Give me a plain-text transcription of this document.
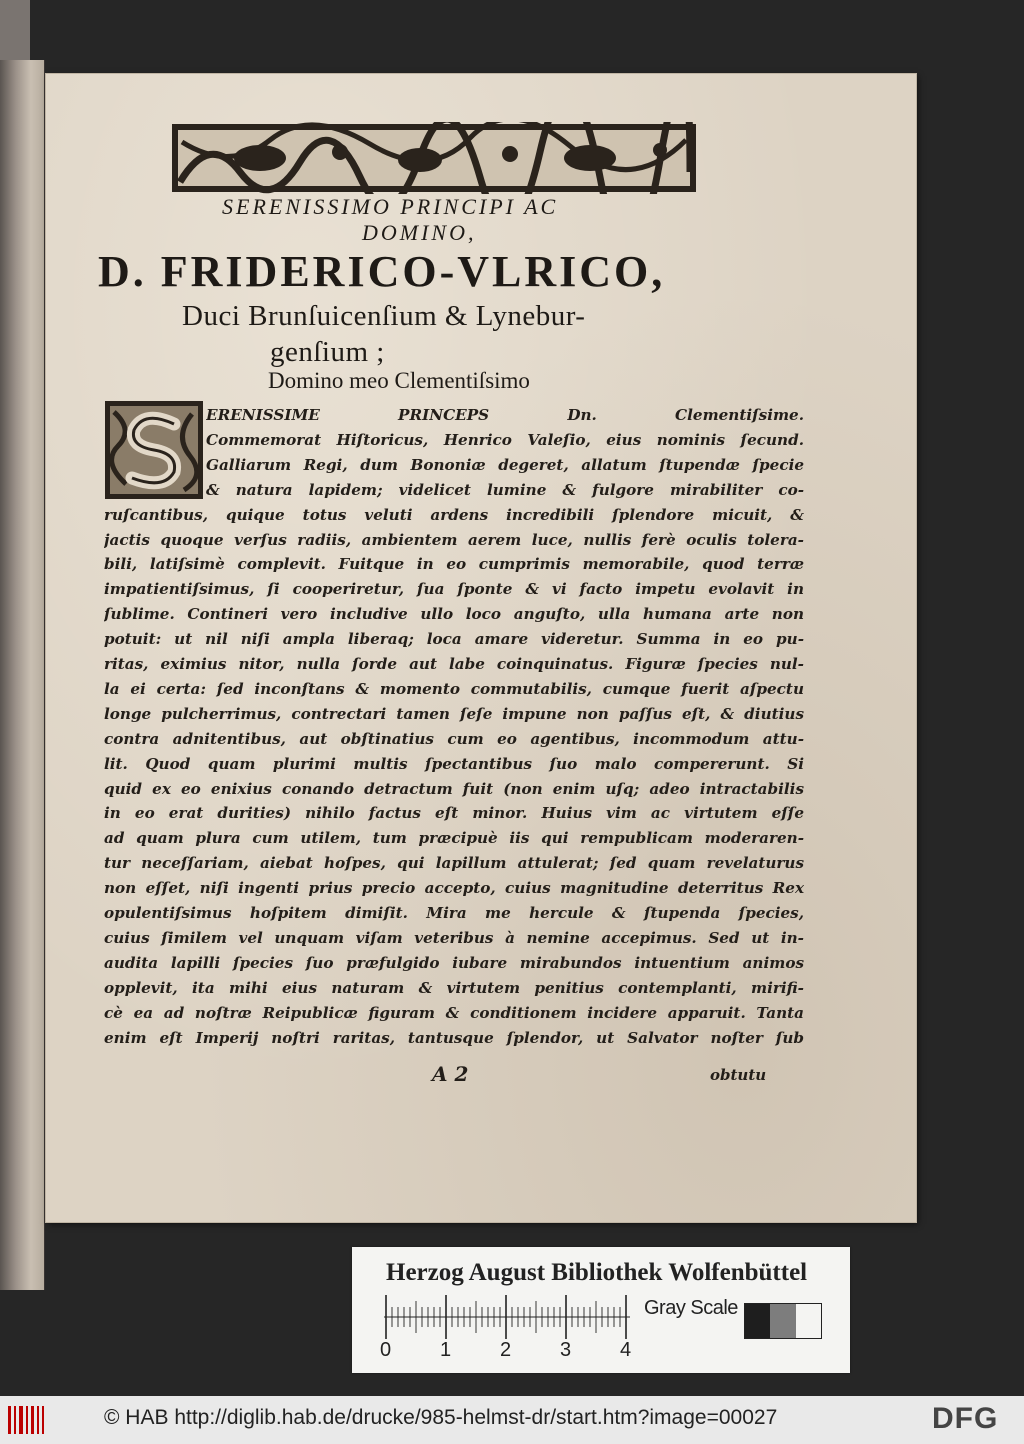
SERENISSIMO PRINCIPI AC
DOMINO,
D. FRIDERICO-VLRICO,
Duci Brunſuicenſium & Lynebur-
genſium ;
Domino meo Clementiſsimo
ERENISSIME PRINCEPS Dn. Clementiſsime.
Commemorat Hiſtoricus, Henrico Valeſio, eius nominis ſecund.
Galliarum Regi, dum Bononiæ degeret, allatum ſtupendæ ſpecie
& natura lapidem; videlicet lumine & fulgore mirabiliter co-
ruſcantibus, quique totus veluti ardens incredibili ſplendore micuit, &
jactis quoque verſus radiis, ambientem aerem luce, nullis ferè oculis tolera-
bili, latiſsimè complevit. Fuitque in eo cumprimis memorabile, quod terræ
impatientiſsimus, ſi cooperiretur, ſua ſponte & vi facto impetu evolavit in
ſublime. Contineri vero includive ullo loco anguſto, ulla humana arte non
potuit: ut nil niſi ampla liberaq; loca amare videretur. Summa in eo pu-
ritas, eximius nitor, nulla ſorde aut labe coinquinatus. Figuræ ſpecies nul-
la ei certa: ſed inconſtans & momento commutabilis, cumque fuerit aſpectu
longe pulcherrimus, contrectari tamen ſeſe impune non paſſus eſt, & diutius
contra adnitentibus, aut obſtinatius cum eo agentibus, incommodum attu-
lit. Quod quam plurimi multis ſpectantibus ſuo malo compererunt. Si
quid ex eo enixius conando detractum fuit (non enim uſq; adeo intractabilis
in eo erat durities) nihilo factus eſt minor. Huius vim ac virtutem eſſe
ad quam plura cum utilem, tum præcipuè iis qui rempublicam moderaren-
tur neceſſariam, aiebat hoſpes, qui lapillum attulerat; ſed quam revelaturus
non eſſet, niſi ingenti prius precio accepto, cuius magnitudine deterritus Rex
opulentiſsimus hoſpitem dimiſit. Mira me hercule & ſtupenda ſpecies,
cuius ſimilem vel unquam viſam veteribus à nemine accepimus. Sed ut in-
audita lapilli ſpecies ſuo præfulgido iubare mirabundos intuentium animos
opplevit, ita mihi eius naturam & virtutem penitius contemplanti, mirifi-
cè ea ad noſtræ Reipublicæ figuram & conditionem incidere apparuit. Tanta
enim eſt Imperij noſtri raritas, tantusque ſplendor, ut Salvator noſter ſub
A 2	obtutu
Herzog August Bibliothek Wolfenbüttel
0 1 2 3 4
Gray Scale
© HAB http://diglib.hab.de/drucke/985-helmst-dr/start.htm?image=00027	DFG
